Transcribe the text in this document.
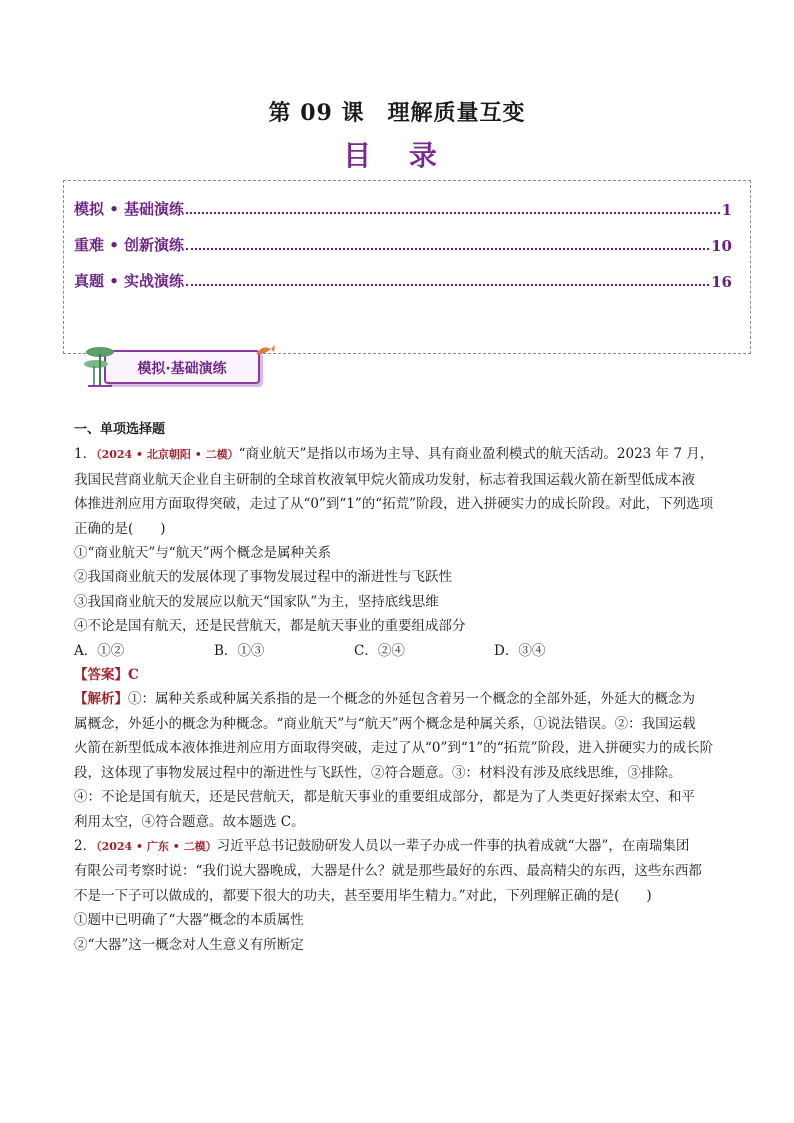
第 09 课　理解质量互变
目 录
模拟 • 基础演练	1
重难 • 创新演练	10
真题 • 实战演练	16
模拟·基础演练

一、单项选择题

1．（2024 • 北京朝阳 • 二模）“商业航天”是指以市场为主导、具有商业盈利模式的航天活动。2023 年 7 月，

我国民营商业航天企业自主研制的全球首枚液氧甲烷火箭成功发射，标志着我国运载火箭在新型低成本液

体推进剂应用方面取得突破，走过了从“0”到“1”的“拓荒”阶段，进入拼硬实力的成长阶段。对此，下列选项

正确的是(　　)

①“商业航天”与“航天”两个概念是属种关系

②我国商业航天的发展体现了事物发展过程中的渐进性与飞跃性

③我国商业航天的发展应以航天“国家队”为主，坚持底线思维

④不论是国有航天，还是民营航天，都是航天事业的重要组成部分

A．①②	B．①③	C．②④	D．③④

【答案】C

【解析】①：属种关系或种属关系指的是一个概念的外延包含着另一个概念的全部外延，外延大的概念为

属概念，外延小的概念为种概念。“商业航天”与“航天”两个概念是种属关系，①说法错误。②：我国运载

火箭在新型低成本液体推进剂应用方面取得突破，走过了从“0”到“1”的“拓荒”阶段，进入拼硬实力的成长阶

段，这体现了事物发展过程中的渐进性与飞跃性，②符合题意。③：材料没有涉及底线思维，③排除。

④：不论是国有航天，还是民营航天，都是航天事业的重要组成部分，都是为了人类更好探索太空、和平

利用太空，④符合题意。故本题选 C。

2．（2024 • 广东 • 二模）习近平总书记鼓励研发人员以一辈子办成一件事的执着成就“大器”，在南瑞集团

有限公司考察时说：“我们说大器晚成，大器是什么？就是那些最好的东西、最高精尖的东西，这些东西都

不是一下子可以做成的，都要下很大的功夫，甚至要用毕生精力。”对此，下列理解正确的是(　　)

①题中已明确了“大器”概念的本质属性

②“大器”这一概念对人生意义有所断定
